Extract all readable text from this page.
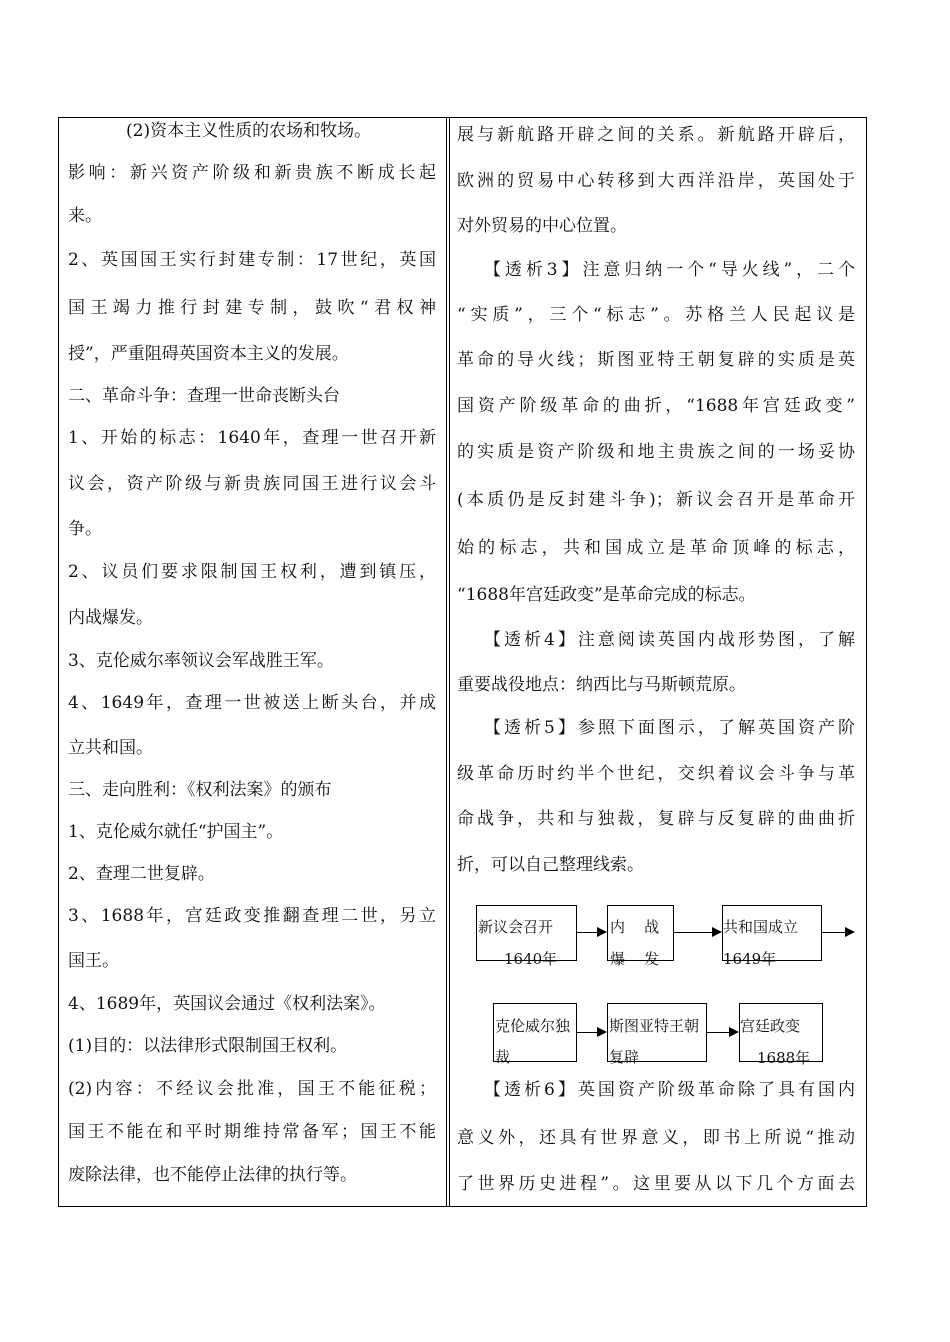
(2)资本主义性质的农场和牧场。
影响：新兴资产阶级和新贵族不断成长起
来。
2、英国国王实行封建专制：17世纪，英国
国王竭力推行封建专制，鼓吹“君权神
授”，严重阻碍英国资本主义的发展。
二、革命斗争：查理一世命丧断头台
1、开始的标志：1640年，查理一世召开新
议会，资产阶级与新贵族同国王进行议会斗
争。
2、议员们要求限制国王权利，遭到镇压，
内战爆发。
3、克伦威尔率领议会军战胜王军。
4、1649年，查理一世被送上断头台，并成
立共和国。
三、走向胜利：《权利法案》的颁布
1、克伦威尔就任“护国主”。
2、查理二世复辟。
3、1688年，宫廷政变推翻查理二世，另立
国王。
4、1689年，英国议会通过《权利法案》。
(1)目的：以法律形式限制国王权利。
(2)内容：不经议会批准，国王不能征税；
国王不能在和平时期维持常备军；国王不能
废除法律，也不能停止法律的执行等。
展与新航路开辟之间的关系。新航路开辟后，
欧洲的贸易中心转移到大西洋沿岸，英国处于
对外贸易的中心位置。
【透析3】注意归纳一个“导火线”，二个
“实质”，三个“标志”。苏格兰人民起议是
革命的导火线；斯图亚特王朝复辟的实质是英
国资产阶级革命的曲折，“1688年宫廷政变”
的实质是资产阶级和地主贵族之间的一场妥协
(本质仍是反封建斗争)；新议会召开是革命开
始的标志，共和国成立是革命顶峰的标志，
“1688年宫廷政变”是革命完成的标志。
【透析4】注意阅读英国内战形势图，了解
重要战役地点：纳西比与马斯顿荒原。
【透析5】参照下面图示，了解英国资产阶
级革命历时约半个世纪，交织着议会斗争与革
命战争，共和与独裁，复辟与反复辟的曲曲折
折，可以自己整理线索。
【透析6】英国资产阶级革命除了具有国内
意义外，还具有世界意义，即书上所说“推动
了世界历史进程”。这里要从以下几个方面去
新议会召开
1640年
内    战
爆    发
共和国成立
1649年
克伦威尔独
裁
斯图亚特王朝
复辟
宫廷政变
1688年
